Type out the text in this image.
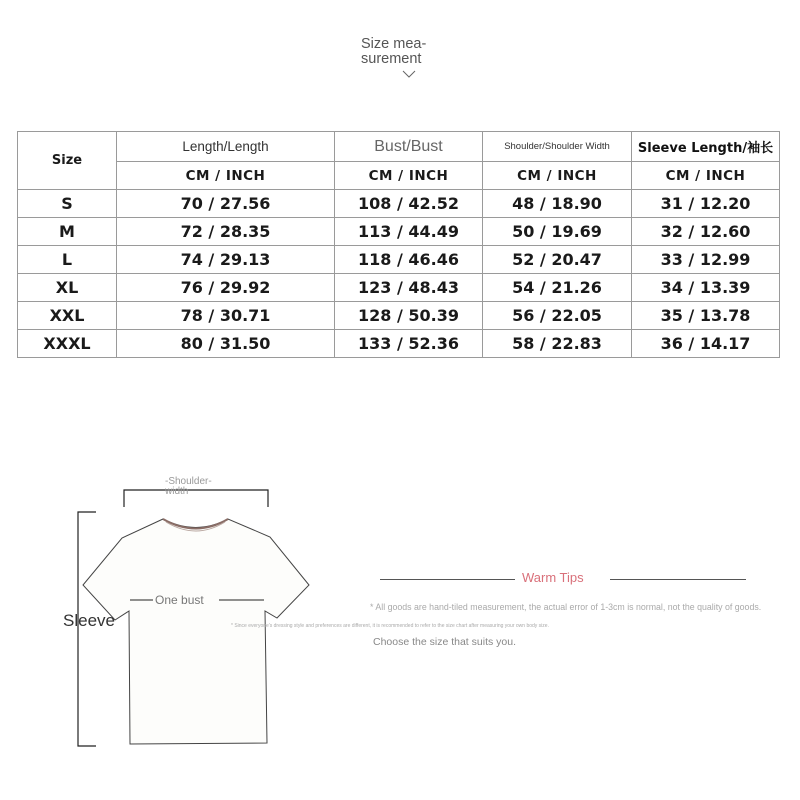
Size mea-
surement
Size	Length/Length	Bust/Bust	Shoulder/Shoulder Width	Sleeve Length/袖长
	CM / INCH	CM / INCH	CM / INCH	CM / INCH
S	70 / 27.56	108 / 42.52	48 / 18.90	31 / 12.20
M	72 / 28.35	113 / 44.49	50 / 19.69	32 / 12.60
L	74 / 29.13	118 / 46.46	52 / 20.47	33 / 12.99
XL	76 / 29.92	123 / 48.43	54 / 21.26	34 / 13.39
XXL	78 / 30.71	128 / 50.39	56 / 22.05	35 / 13.78
XXXL	80 / 31.50	133 / 52.36	58 / 22.83	36 / 14.17
-Shoulder-
width
One bust
Sleeve
Warm Tips
* All goods are hand-tiled measurement, the actual error of 1-3cm is normal, not the quality of goods.
* Since everyone's dressing style and preferences are different, it is recommended to refer to the size chart after measuring your own body size.
Choose the size that suits you.
